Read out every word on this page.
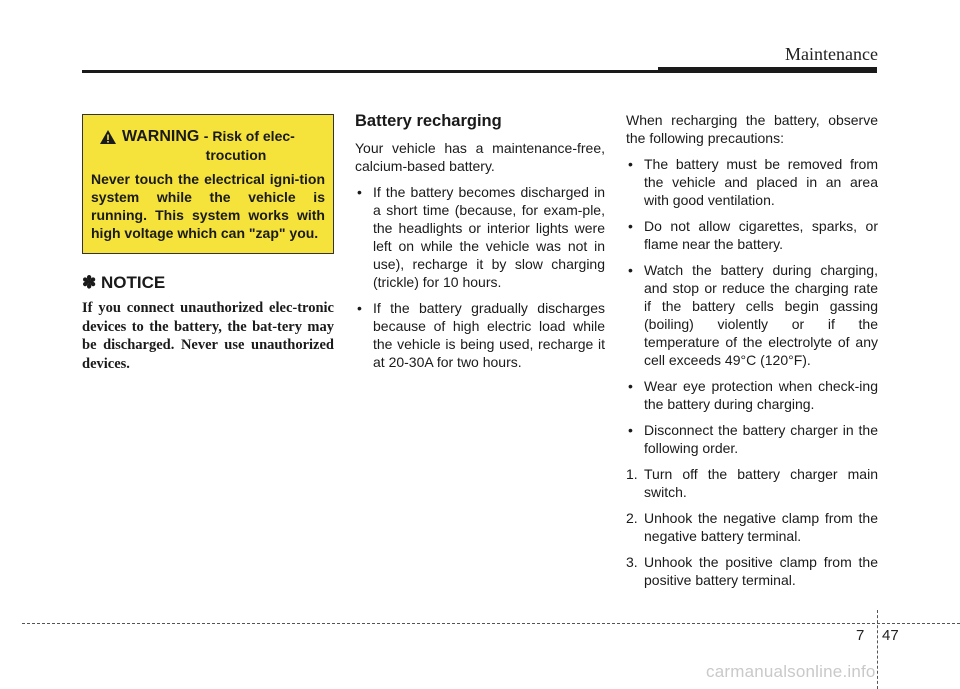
Maintenance
WARNING - Risk of elec-
trocution
Never touch the electrical igni-tion system while the vehicle is running. This system works with high voltage which can "zap" you.
✽ NOTICE
If you connect unauthorized elec-tronic devices to the battery, the bat-tery may be discharged. Never use unauthorized devices.
Battery recharging
Your vehicle has a maintenance-free, calcium-based battery.
• If the battery becomes discharged in a short time (because, for exam-ple, the headlights or interior lights were left on while the vehicle was not in use), recharge it by slow charging (trickle) for 10 hours.
• If the battery gradually discharges because of high electric load while the vehicle is being used, recharge it at 20-30A for two hours.
When recharging the battery, observe the following precautions:
• The battery must be removed from the vehicle and placed in an area with good ventilation.
• Do not allow cigarettes, sparks, or flame near the battery.
• Watch the battery during charging, and stop or reduce the charging rate if the battery cells begin gassing (boiling) violently or if the temperature of the electrolyte of any cell exceeds 49°C (120°F).
• Wear eye protection when check-ing the battery during charging.
• Disconnect the battery charger in the following order.
1. Turn off the battery charger main switch.
2. Unhook the negative clamp from the negative battery terminal.
3. Unhook the positive clamp from the positive battery terminal.
7 47
carmanualsonline.info
